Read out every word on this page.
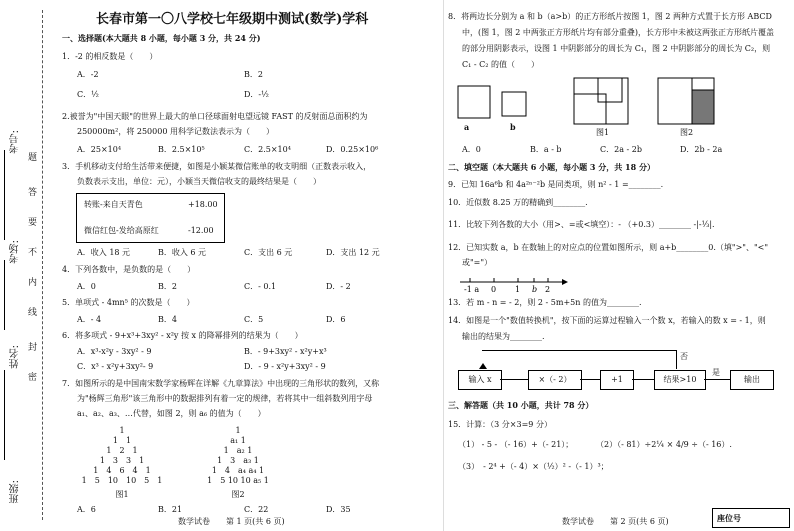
考号:
考场:
姓名:
班级:
题
答
要
不
内
线
封
密
长春市第一〇八学校七年级期中测试(数学)学科
一、选择题(本大题共 8 小题，每小题 3 分，共 24 分)
1．-2 的相反数是（　　）
A．-2	B．2
C．½	D．-½
2.被誉为"中国天眼"的世界上最大的单口径球面射电望远镜 FAST 的反射面总面积约为
250000m²，将 250000 用科学记数法表示为（　　）
A．25×10⁴	B．2.5×10⁵	C．2.5×10⁴	D．0.25×10⁶
3．手机移动支付给生活带来便捷，如图是小颖某微信账单的收支明细（正数表示收入，
负数表示支出，单位：元），小颖当天微信收支的最终结果是（　　）
转账-来自天青色	+18.00
微信红包-发给高原红	-12.00
A．收入 18 元	B．收入 6 元	C．支出 6 元	D．支出 12 元
4．下列各数中，是负数的是（　　）
A．0	B．2	C．- 0.1	D．- 2
5．单项式 - 4mn⁵ 的次数是（　　）
A．- 4	B．4	C．5	D．6
6．将多项式 - 9+x³+3xy² - x²y 按 x 的降幂排列的结果为（　　）
A．x³-x²y - 3xy² - 9	B．- 9+3xy² - x²y+x³
C．x³ - x²y+3xy²- 9	D．- 9 - x²y+3xy² - 9
7．如图所示的是中国南宋数学家杨辉在详解《九章算法》中出现的三角形状的数列，又称
为"杨辉三角形"该三角形中的数据排列有着一定的规律，若将其中一组斜数列用字母
a₁、a₂、a₃、…代替，如图 2，则 a₆ 的值为（　　）
1
1　1
1　2　1
1　3　3　1
1　4　6　4　1
1　5　10　10　5　1
图1
1
a₁ 1
1　a₂ 1
1　3　a₃ 1
1　4　a₄ a₄ 1
1　5 10 10 a₅ 1
图2
A．6	B．21	C．22	D．35
数学试卷　　第 1 页(共 6 页)
8．将两边长分别为 a 和 b（a>b）的正方形纸片按图 1，图 2 两种方式置于长方形 ABCD
中，(图 1，图 2 中两张正方形纸片均有部分重叠)，长方形中未被这两张正方形纸片覆盖
的部分用阴影表示，设图 1 中阴影部分的周长为 C₁，图 2 中阴影部分的周长为 C₂，则
C₁ - C₂ 的值（　　）
a	b
图1	图2
A．0	B．a - b	C．2a - 2b	D．2b - 2a
二、填空题（本大题共 6 小题，每小题 3 分，共 18 分）
9．已知 16a⁶b 和 4a²ⁿ⁻²b 是同类项，则 n² - 1 =________.
10．近似数 8.25 万的精确到________.
11．比较下列各数的大小（用>、=或<填空）：- （+0.3）________ -|-⅓|.
12．已知实数 a，b 在数轴上的对应点的位置如图所示，则 a+b________0.（填">"、"<"
或"="）
-1 a 0 1 b 2
13．若 m - n = - 2，则 2 - 5m+5n 的值为________.
14．如图是一个"数值转换机"，按下面的运算过程输入一个数 x，若输入的数 x = - 1，则
输出的结果为________.
否
输入 x	×（- 2）	+1	结果>10
是
输出
三、解答题（共 10 小题，共计 78 分）
15．计算：（3 分×3=9 分）
（1） - 5 - （- 16）+（- 21）；	（2）（- 81）÷2¼ × 4/9 ÷（- 16）.
（3）　- 2⁴ +（- 4）×（½）² -（- 1）³；
数学试卷　　第 2 页(共 6 页)	座位号
